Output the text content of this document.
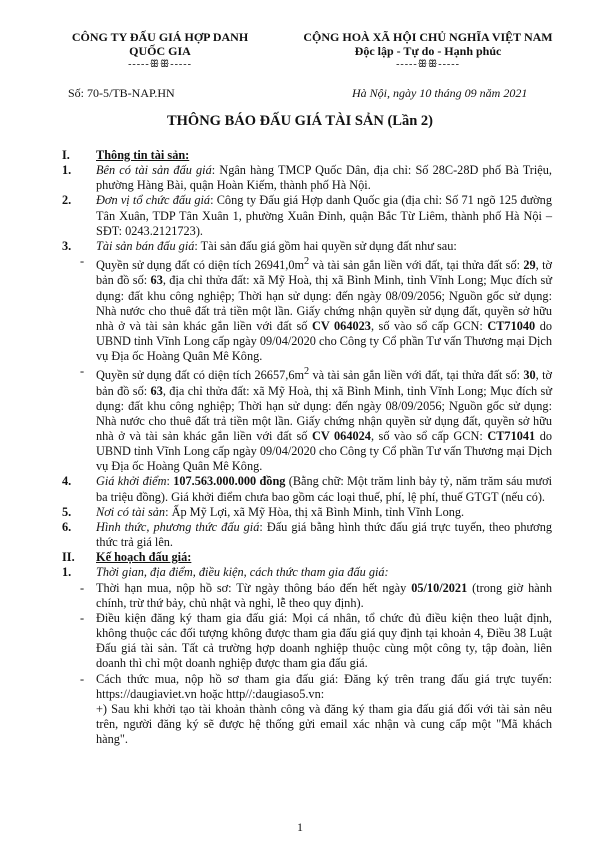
CÔNG TY ĐẤU GIÁ HỢP DANH
QUỐC GIA
-----ꕥꕥ-----
CỘNG HOÀ XÃ HỘI CHỦ NGHĨA VIỆT NAM
Độc lập - Tự do - Hạnh phúc
-----ꕥꕥ-----
Số: 70-5/TB-NAP.HN	Hà Nội, ngày 10 tháng 09 năm 2021
THÔNG BÁO ĐẤU GIÁ TÀI SẢN (Lần 2)
I. Thông tin tài sản:
1. Bên có tài sản đấu giá: Ngân hàng TMCP Quốc Dân, địa chỉ: Số 28C-28D phố Bà Triệu, phường Hàng Bài, quận Hoàn Kiếm, thành phố Hà Nội.
2. Đơn vị tổ chức đấu giá: Công ty Đấu giá Hợp danh Quốc gia (địa chỉ: Số 71 ngõ 125 đường Tân Xuân, TDP Tân Xuân 1, phường Xuân Đỉnh, quận Bắc Từ Liêm, thành phố Hà Nội – SĐT: 0243.2121723).
3. Tài sản bán đấu giá: Tài sản đấu giá gồm hai quyền sử dụng đất như sau:
- Quyền sử dụng đất có diện tích $26941,0m^2$ và tài sản gắn liền với đất, tại thửa đất số: 29, tờ bản đồ số: 63, địa chỉ thửa đất: xã Mỹ Hoà, thị xã Bình Minh, tỉnh Vĩnh Long; Mục đích sử dụng: đất khu công nghiệp; Thời hạn sử dụng: đến ngày 08/09/2056; Nguồn gốc sử dụng: Nhà nước cho thuê đất trả tiền một lần. Giấy chứng nhận quyền sử dụng đất, quyền sở hữu nhà ở và tài sản khác gắn liền với đất số CV 064023, số vào sổ cấp GCN: CT71040 do UBND tỉnh Vĩnh Long cấp ngày 09/04/2020 cho Công ty Cổ phần Tư vấn Thương mại Dịch vụ Địa ốc Hoàng Quân Mê Kông.
- Quyền sử dụng đất có diện tích $26657,6m^2$ và tài sản gắn liền với đất, tại thửa đất số: 30, tờ bản đồ số: 63, địa chỉ thửa đất: xã Mỹ Hoà, thị xã Bình Minh, tỉnh Vĩnh Long; Mục đích sử dụng: đất khu công nghiệp; Thời hạn sử dụng: đến ngày 08/09/2056; Nguồn gốc sử dụng: Nhà nước cho thuê đất trả tiền một lần. Giấy chứng nhận quyền sử dụng đất, quyền sở hữu nhà ở và tài sản khác gắn liền với đất số CV 064024, số vào sổ cấp GCN: CT71041 do UBND tỉnh Vĩnh Long cấp ngày 09/04/2020 cho Công ty Cổ phần Tư vấn Thương mại Dịch vụ Địa ốc Hoàng Quân Mê Kông.
4. Giá khởi điểm: 107.563.000.000 đồng (Bằng chữ: Một trăm linh bảy tỷ, năm trăm sáu mươi ba triệu đồng). Giá khởi điểm chưa bao gồm các loại thuế, phí, lệ phí, thuế GTGT (nếu có).
5. Nơi có tài sản: Ấp Mỹ Lợi, xã Mỹ Hòa, thị xã Bình Minh, tỉnh Vĩnh Long.
6. Hình thức, phương thức đấu giá: Đấu giá bằng hình thức đấu giá trực tuyến, theo phương thức trả giá lên.
II. Kế hoạch đấu giá:
1. Thời gian, địa điểm, điều kiện, cách thức tham gia đấu giá:
- Thời hạn mua, nộp hồ sơ: Từ ngày thông báo đến hết ngày 05/10/2021 (trong giờ hành chính, trừ thứ bảy, chủ nhật và nghỉ, lễ theo quy định).
- Điều kiện đăng ký tham gia đấu giá: Mọi cá nhân, tổ chức đủ điều kiện theo luật định, không thuộc các đối tượng không được tham gia đấu giá quy định tại khoản 4, Điều 38 Luật Đấu giá tài sản. Tất cả trường hợp doanh nghiệp thuộc cùng một công ty, tập đoàn, liên doanh thì chỉ một doanh nghiệp được tham gia đấu giá.
- Cách thức mua, nộp hồ sơ tham gia đấu giá: Đăng ký trên trang đấu giá trực tuyến: https://daugiaviet.vn hoặc http//:daugiaso5.vn:
+) Sau khi khởi tạo tài khoản thành công và đăng ký tham gia đấu giá đối với tài sản nêu trên, người đăng ký sẽ được hệ thống gửi email xác nhận và cung cấp một "Mã khách hàng".
1
